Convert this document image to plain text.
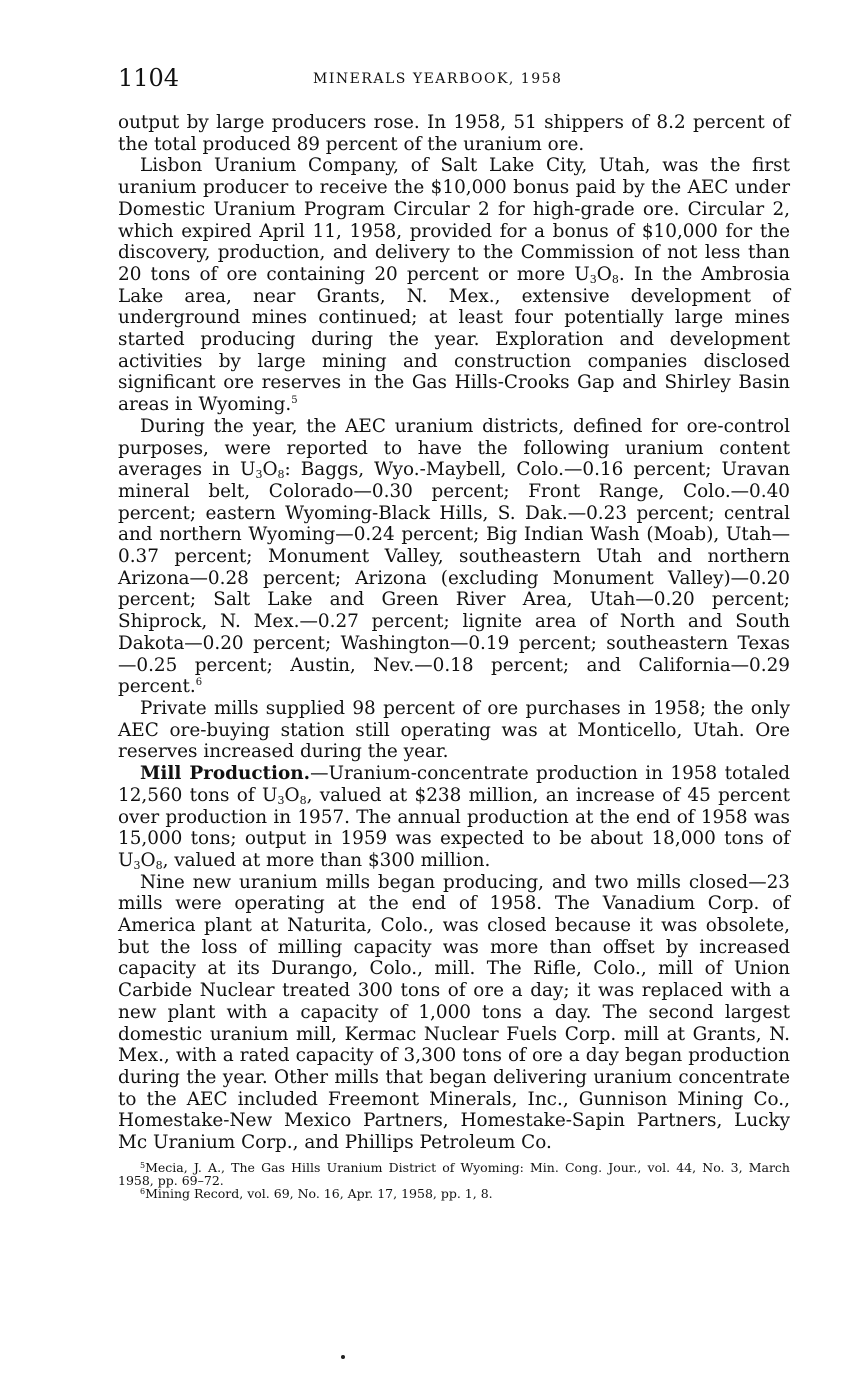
1104	MINERALS YEARBOOK, 1958

output by large producers rose. In 1958, 51 shippers of 8.2 percent of the total produced 89 percent of the uranium ore.

Lisbon Uranium Company, of Salt Lake City, Utah, was the first uranium producer to receive the $10,000 bonus paid by the AEC under Domestic Uranium Program Circular 2 for high-grade ore. Circular 2, which expired April 11, 1958, provided for a bonus of $10,000 for the discovery, production, and delivery to the Commission of not less than 20 tons of ore containing 20 percent or more $U_3O_8$. In the Ambrosia Lake area, near Grants, N. Mex., extensive development of underground mines continued; at least four potentially large mines started producing during the year. Exploration and development activities by large mining and construction companies disclosed significant ore reserves in the Gas Hills-Crooks Gap and Shirley Basin areas in Wyoming.$^5$

During the year, the AEC uranium districts, defined for ore-control purposes, were reported to have the following uranium content averages in $U_3O_8$: Baggs, Wyo.-Maybell, Colo.—0.16 percent; Uravan mineral belt, Colorado—0.30 percent; Front Range, Colo.—0.40 percent; eastern Wyoming-Black Hills, S. Dak.—0.23 percent; central and northern Wyoming—0.24 percent; Big Indian Wash (Moab), Utah—0.37 percent; Monument Valley, southeastern Utah and northern Arizona—0.28 percent; Arizona (excluding Monument Valley)—0.20 percent; Salt Lake and Green River Area, Utah—0.20 percent; Shiprock, N. Mex.—0.27 percent; lignite area of North and South Dakota—0.20 percent; Washington—0.19 percent; southeastern Texas—0.25 percent; Austin, Nev.—0.18 percent; and California—0.29 percent.$^6$

Private mills supplied 98 percent of ore purchases in 1958; the only AEC ore-buying station still operating was at Monticello, Utah. Ore reserves increased during the year.

Mill Production.—Uranium-concentrate production in 1958 totaled 12,560 tons of $U_3O_8$, valued at $238 million, an increase of 45 percent over production in 1957. The annual production at the end of 1958 was 15,000 tons; output in 1959 was expected to be about 18,000 tons of $U_3O_8$, valued at more than $300 million.

Nine new uranium mills began producing, and two mills closed—23 mills were operating at the end of 1958. The Vanadium Corp. of America plant at Naturita, Colo., was closed because it was obsolete, but the loss of milling capacity was more than offset by increased capacity at its Durango, Colo., mill. The Rifle, Colo., mill of Union Carbide Nuclear treated 300 tons of ore a day; it was replaced with a new plant with a capacity of 1,000 tons a day. The second largest domestic uranium mill, Kermac Nuclear Fuels Corp. mill at Grants, N. Mex., with a rated capacity of 3,300 tons of ore a day began production during the year. Other mills that began delivering uranium concentrate to the AEC included Freemont Minerals, Inc., Gunnison Mining Co., Homestake-New Mexico Partners, Homestake-Sapin Partners, Lucky Mc Uranium Corp., and Phillips Petroleum Co.

$^5$Mecia, J. A., The Gas Hills Uranium District of Wyoming: Min. Cong. Jour., vol. 44, No. 3, March 1958, pp. 69–72.

$^6$Mining Record, vol. 69, No. 16, Apr. 17, 1958, pp. 1, 8.
